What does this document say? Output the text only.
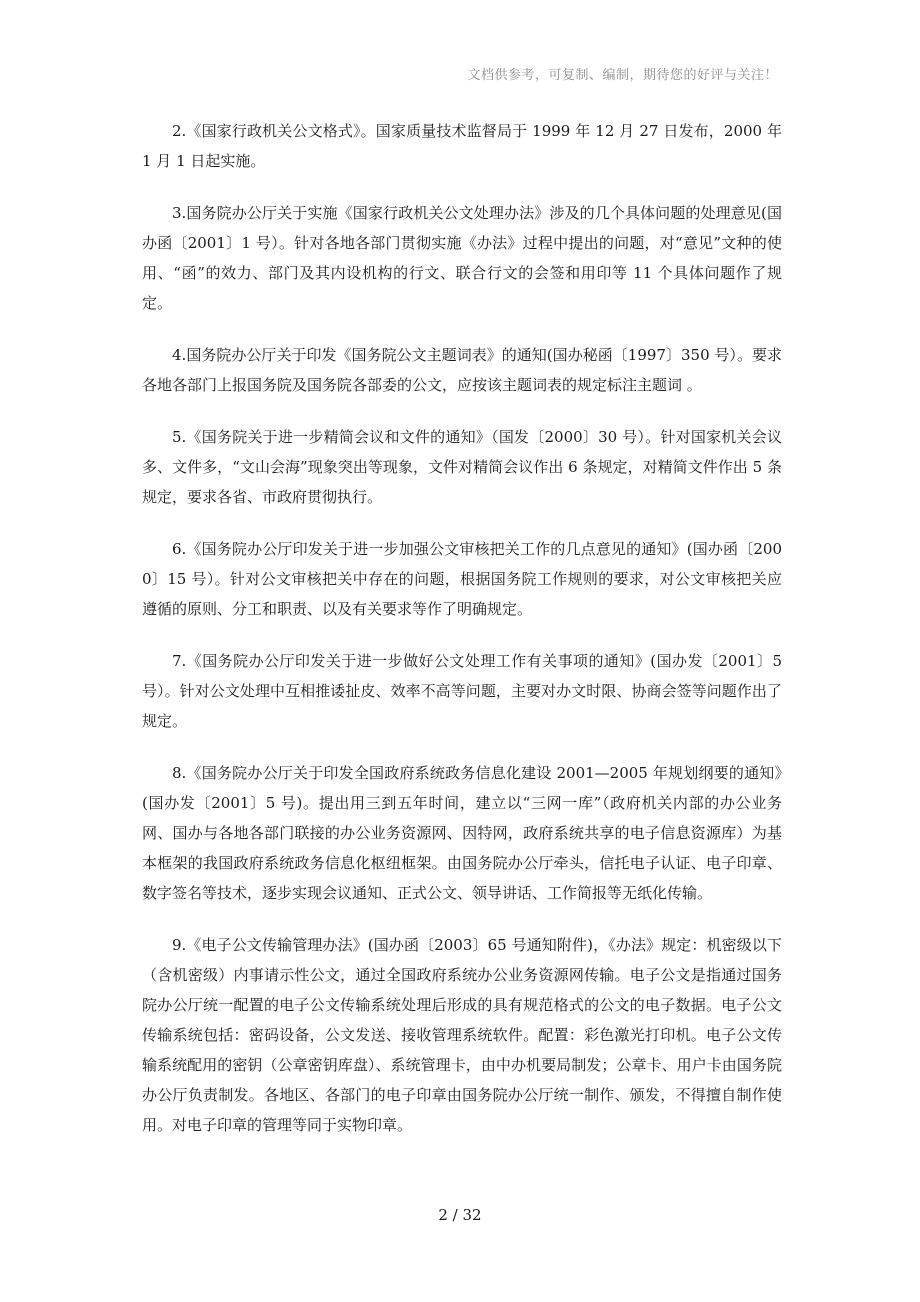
文档供参考，可复制、编制，期待您的好评与关注！

2.《国家行政机关公文格式》。国家质量技术监督局于 1999 年 12 月 27 日发布，2000 年 1 月 1 日起实施。

3.国务院办公厅关于实施《国家行政机关公文处理办法》涉及的几个具体问题的处理意见(国办函〔2001〕1 号）。针对各地各部门贯彻实施《办法》过程中提出的问题，对“意见”文种的使用、“函”的效力、部门及其内设机构的行文、联合行文的会签和用印等 11 个具体问题作了规定。

4.国务院办公厅关于印发《国务院公文主题词表》的通知(国办秘函〔1997〕350 号）。要求各地各部门上报国务院及国务院各部委的公文，应按该主题词表的规定标注主题词 。

5.《国务院关于进一步精简会议和文件的通知》（国发〔2000〕30 号）。针对国家机关会议多、文件多，“文山会海”现象突出等现象，文件对精简会议作出 6 条规定，对精简文件作出 5 条规定，要求各省、市政府贯彻执行。

6.《国务院办公厅印发关于进一步加强公文审核把关工作的几点意见的通知》(国办函〔2000〕15 号）。针对公文审核把关中存在的问题，根据国务院工作规则的要求，对公文审核把关应遵循的原则、分工和职责、以及有关要求等作了明确规定。

7.《国务院办公厅印发关于进一步做好公文处理工作有关事项的通知》(国办发〔2001〕5 号）。针对公文处理中互相推诿扯皮、效率不高等问题，主要对办文时限、协商会签等问题作出了规定。

8.《国务院办公厅关于印发全国政府系统政务信息化建设 2001—2005 年规划纲要的通知》(国办发〔2001〕5 号)。提出用三到五年时间，建立以“三网一库”（政府机关内部的办公业务网、国办与各地各部门联接的办公业务资源网、因特网，政府系统共享的电子信息资源库）为基本框架的我国政府系统政务信息化枢纽框架。由国务院办公厅牵头，信托电子认证、电子印章、数字签名等技术，逐步实现会议通知、正式公文、领导讲话、工作简报等无纸化传输。

9.《电子公文传输管理办法》(国办函〔2003〕65 号通知附件)，《办法》规定：机密级以下（含机密级）内事请示性公文，通过全国政府系统办公业务资源网传输。电子公文是指通过国务院办公厅统一配置的电子公文传输系统处理后形成的具有规范格式的公文的电子数据。电子公文传输系统包括：密码设备，公文发送、接收管理系统软件。配置：彩色激光打印机。电子公文传输系统配用的密钥（公章密钥库盘）、系统管理卡，由中办机要局制发；公章卡、用户卡由国务院办公厅负责制发。各地区、各部门的电子印章由国务院办公厅统一制作、颁发，不得擅自制作使用。对电子印章的管理等同于实物印章。

2 / 32
